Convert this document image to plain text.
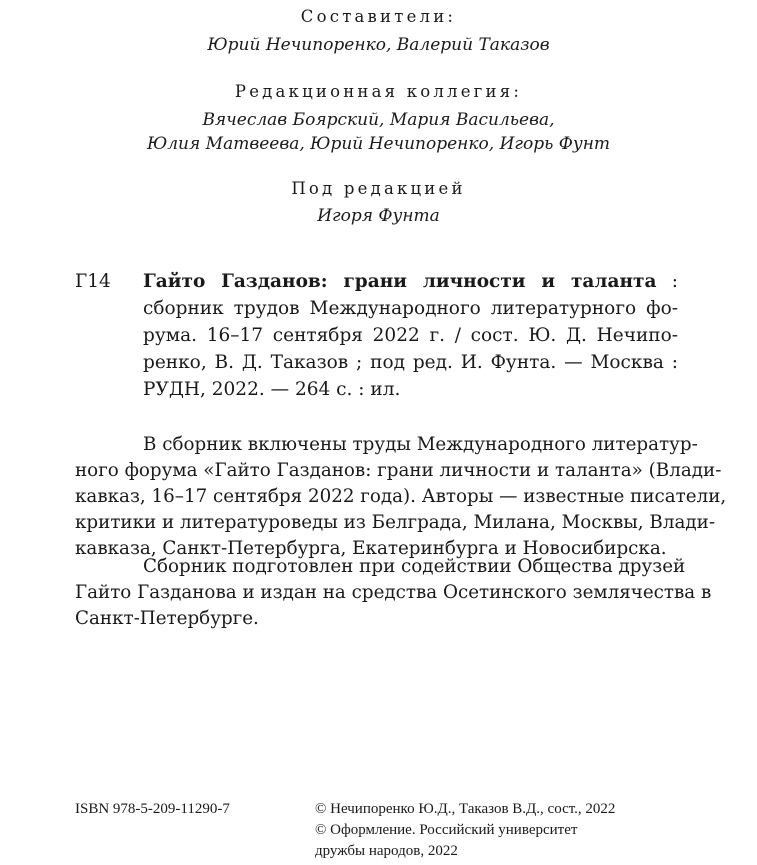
Составители:
Юрий Нечипоренко, Валерий Таказов
Редакционная коллегия:
Вячеслав Боярский, Мария Васильева,
Юлия Матвеева, Юрий Нечипоренко, Игорь Фунт
Под редакцией
Игоря Фунта
Г14 Гайто Газданов: грани личности и таланта :
сборник трудов Международного литературного фо-
рума. 16–17 сентября 2022 г. / сост. Ю. Д. Нечипо-
ренко, В. Д. Таказов ; под ред. И. Фунта. — Москва :
РУДН, 2022. — 264 с. : ил.
В сборник включены труды Международного литератур-
ного форума «Гайто Газданов: грани личности и таланта» (Влади-
кавказ, 16–17 сентября 2022 года). Авторы — известные писатели,
критики и литературоведы из Белграда, Милана, Москвы, Влади-
кавказа, Санкт-Петербурга, Екатеринбурга и Новосибирска.
Сборник подготовлен при содействии Общества друзей
Гайто Газданова и издан на средства Осетинского землячества в
Санкт-Петербурге.
ISBN 978-5-209-11290-7	© Нечипоренко Ю.Д., Таказов В.Д., сост., 2022
© Оформление. Российский университет
дружбы народов, 2022
